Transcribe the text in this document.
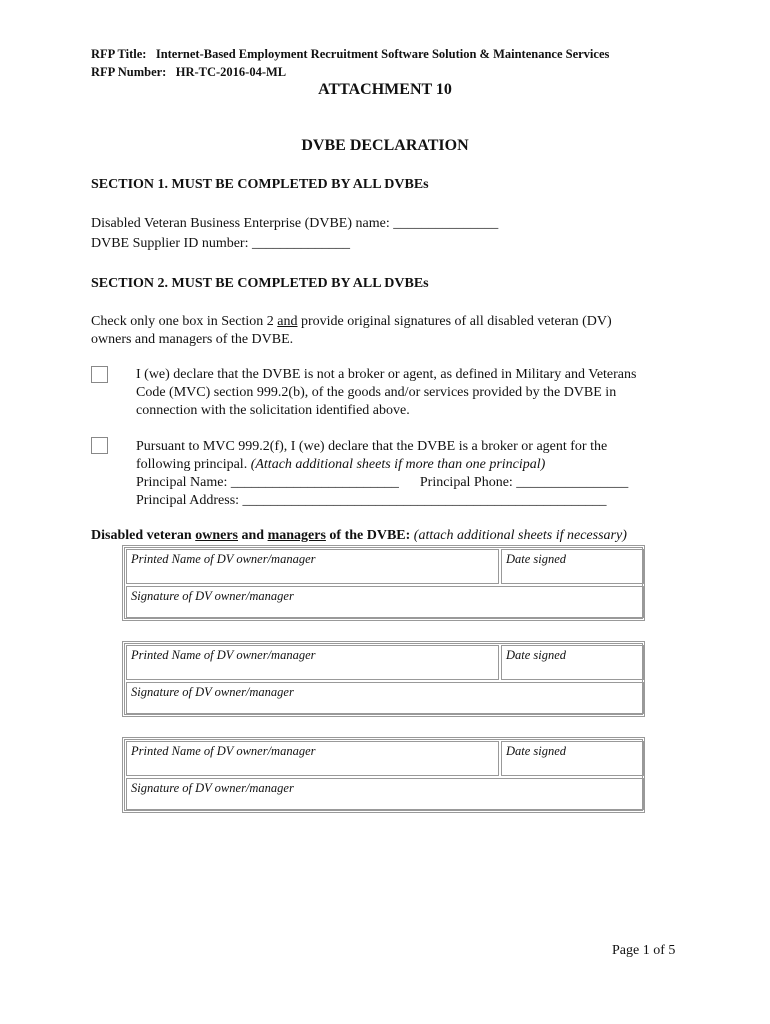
RFP Title: Internet-Based Employment Recruitment Software Solution & Maintenance Services
RFP Number: HR-TC-2016-04-ML
ATTACHMENT 10
DVBE DECLARATION
SECTION 1. MUST BE COMPLETED BY ALL DVBEs
Disabled Veteran Business Enterprise (DVBE) name: _______________
DVBE Supplier ID number: ______________
SECTION 2. MUST BE COMPLETED BY ALL DVBEs
Check only one box in Section 2 and provide original signatures of all disabled veteran (DV)
owners and managers of the DVBE.
I (we) declare that the DVBE is not a broker or agent, as defined in Military and Veterans
Code (MVC) section 999.2(b), of the goods and/or services provided by the DVBE in
connection with the solicitation identified above.
Pursuant to MVC 999.2(f), I (we) declare that the DVBE is a broker or agent for the
following principal. (Attach additional sheets if more than one principal)
Principal Name: ________________________ Principal Phone: ________________
Principal Address: ____________________________________________________
Disabled veteran owners and managers of the DVBE: (attach additional sheets if necessary)
Printed Name of DV owner/manager	Date signed
Signature of DV owner/manager
Printed Name of DV owner/manager	Date signed
Signature of DV owner/manager
Printed Name of DV owner/manager	Date signed
Signature of DV owner/manager
Page 1 of 5
